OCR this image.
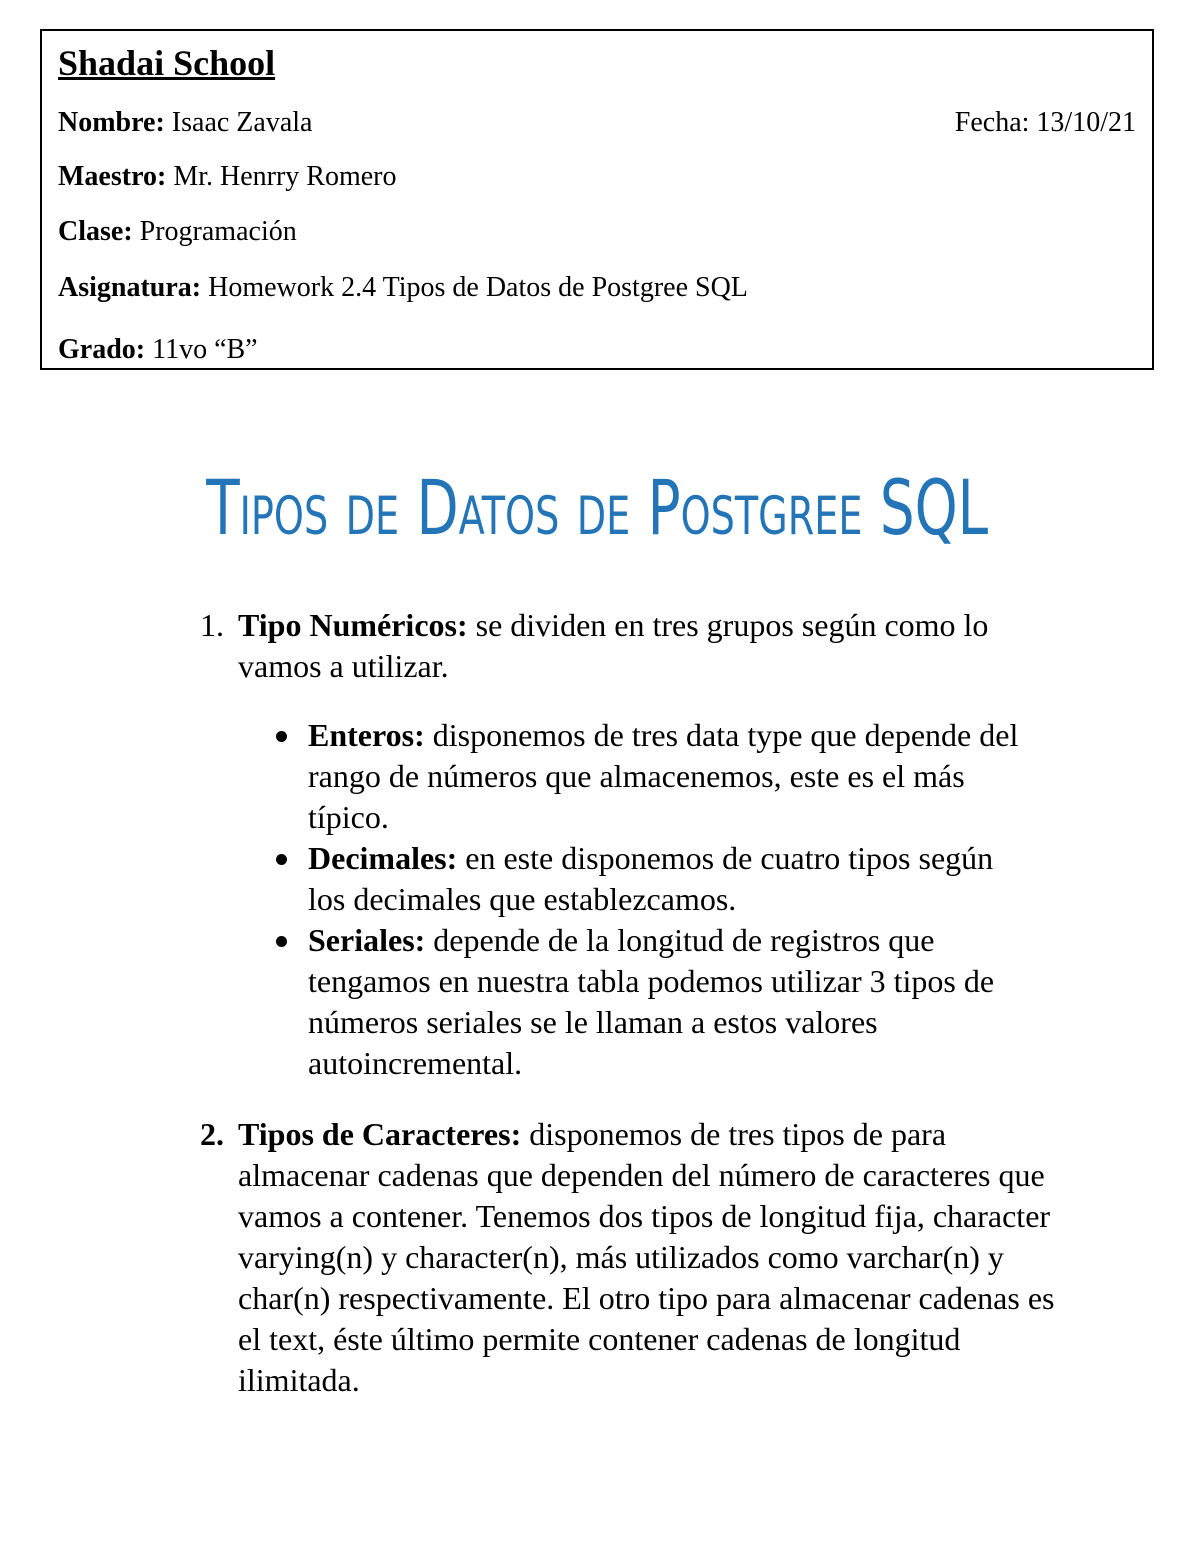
Shadai School
Nombre: Isaac Zavala	Fecha: 13/10/21
Maestro: Mr. Henrry Romero
Clase: Programación
Asignatura: Homework 2.4 Tipos de Datos de Postgree SQL
Grado: 11vo “B”
Tipos de Datos de Postgree SQL
1. Tipo Numéricos: se dividen en tres grupos según como lo vamos a utilizar.
Enteros: disponemos de tres data type que depende del rango de números que almacenemos, este es el más típico.
Decimales: en este disponemos de cuatro tipos según los decimales que establezcamos.
Seriales: depende de la longitud de registros que tengamos en nuestra tabla podemos utilizar 3 tipos de números seriales se le llaman a estos valores autoincremental.
2. Tipos de Caracteres: disponemos de tres tipos de para almacenar cadenas que dependen del número de caracteres que vamos a contener. Tenemos dos tipos de longitud fija, character varying(n) y character(n), más utilizados como varchar(n) y char(n) respectivamente. El otro tipo para almacenar cadenas es el text, éste último permite contener cadenas de longitud ilimitada.
